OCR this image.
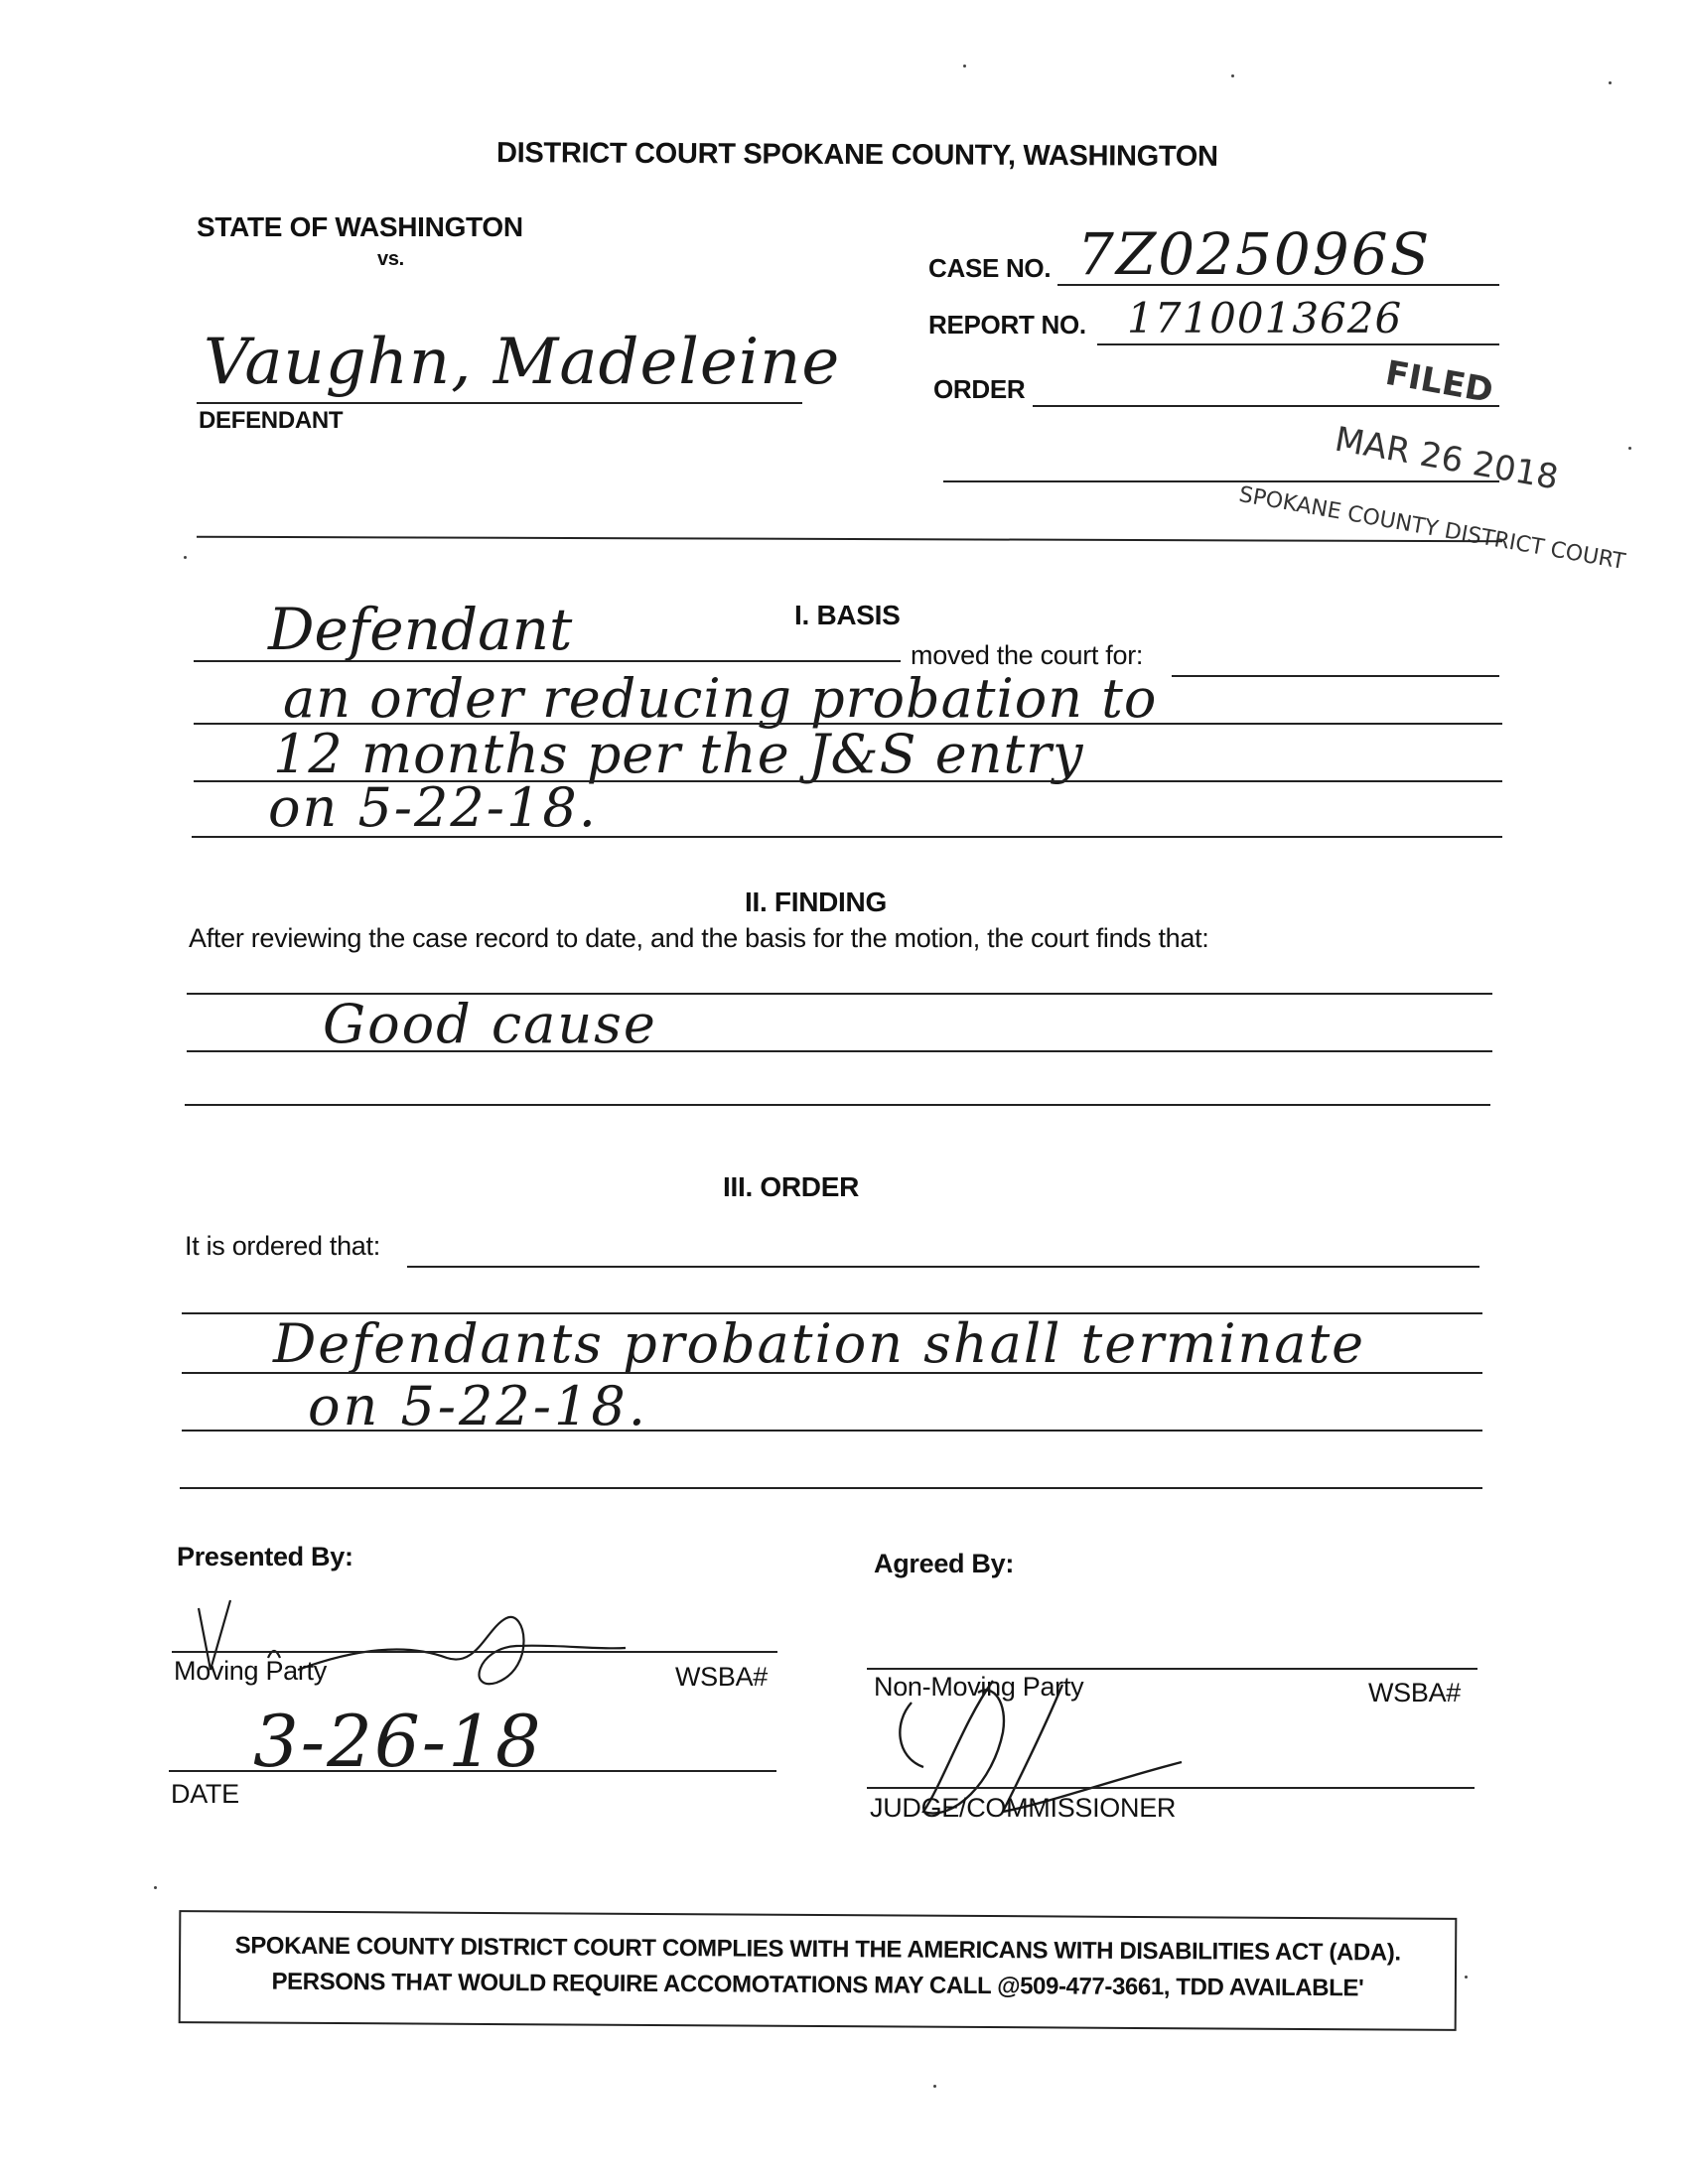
DISTRICT COURT SPOKANE COUNTY, WASHINGTON
STATE OF WASHINGTON
vs.	CASE NO. 7Z025096S
REPORT NO. 1710013626
ORDER
Vaughn, Madeleine
DEFENDANT
FILED
MAR 26 2018
SPOKANE COUNTY DISTRICT COURT
I. BASIS
Defendant	moved the court for:
an order reducing probation to
12 months per the J&S entry
on 5-22-18.
II. FINDING
After reviewing the case record to date, and the basis for the motion, the court finds that:
Good cause
III. ORDER
It is ordered that:
Defendants probation shall terminate
on 5-22-18.
Presented By:	Agreed By:
Moving Party	WSBA#	Non-Moving Party	WSBA#
3-26-18
DATE	JUDGE/COMMISSIONER
SPOKANE COUNTY DISTRICT COURT COMPLIES WITH THE AMERICANS WITH DISABILITIES ACT (ADA).
PERSONS THAT WOULD REQUIRE ACCOMOTATIONS MAY CALL @509-477-3661, TDD AVAILABLE'
